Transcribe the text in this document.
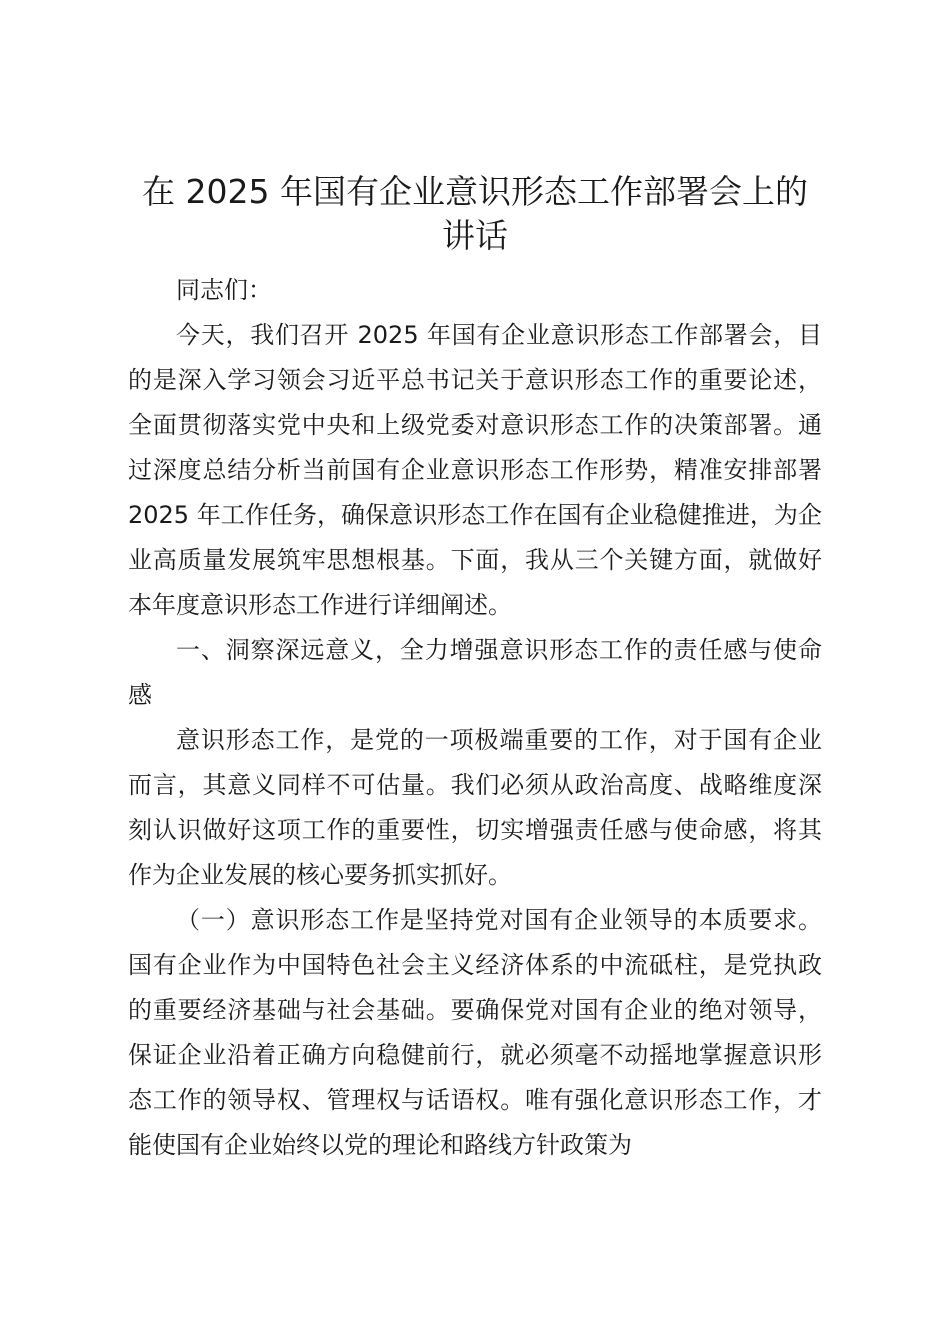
在 2025 年国有企业意识形态工作部署会上的讲话

同志们：

今天，我们召开 2025 年国有企业意识形态工作部署会，目的是深入学习领会习近平总书记关于意识形态工作的重要论述，全面贯彻落实党中央和上级党委对意识形态工作的决策部署。通过深度总结分析当前国有企业意识形态工作形势，精准安排部署 2025 年工作任务，确保意识形态工作在国有企业稳健推进，为企业高质量发展筑牢思想根基。下面，我从三个关键方面，就做好本年度意识形态工作进行详细阐述。

一、洞察深远意义，全力增强意识形态工作的责任感与使命感

意识形态工作，是党的一项极端重要的工作，对于国有企业而言，其意义同样不可估量。我们必须从政治高度、战略维度深刻认识做好这项工作的重要性，切实增强责任感与使命感，将其作为企业发展的核心要务抓实抓好。

（一）意识形态工作是坚持党对国有企业领导的本质要求。国有企业作为中国特色社会主义经济体系的中流砥柱，是党执政的重要经济基础与社会基础。要确保党对国有企业的绝对领导，保证企业沿着正确方向稳健前行，就必须毫不动摇地掌握意识形态工作的领导权、管理权与话语权。唯有强化意识形态工作，才能使国有企业始终以党的理论和路线方针政策为
